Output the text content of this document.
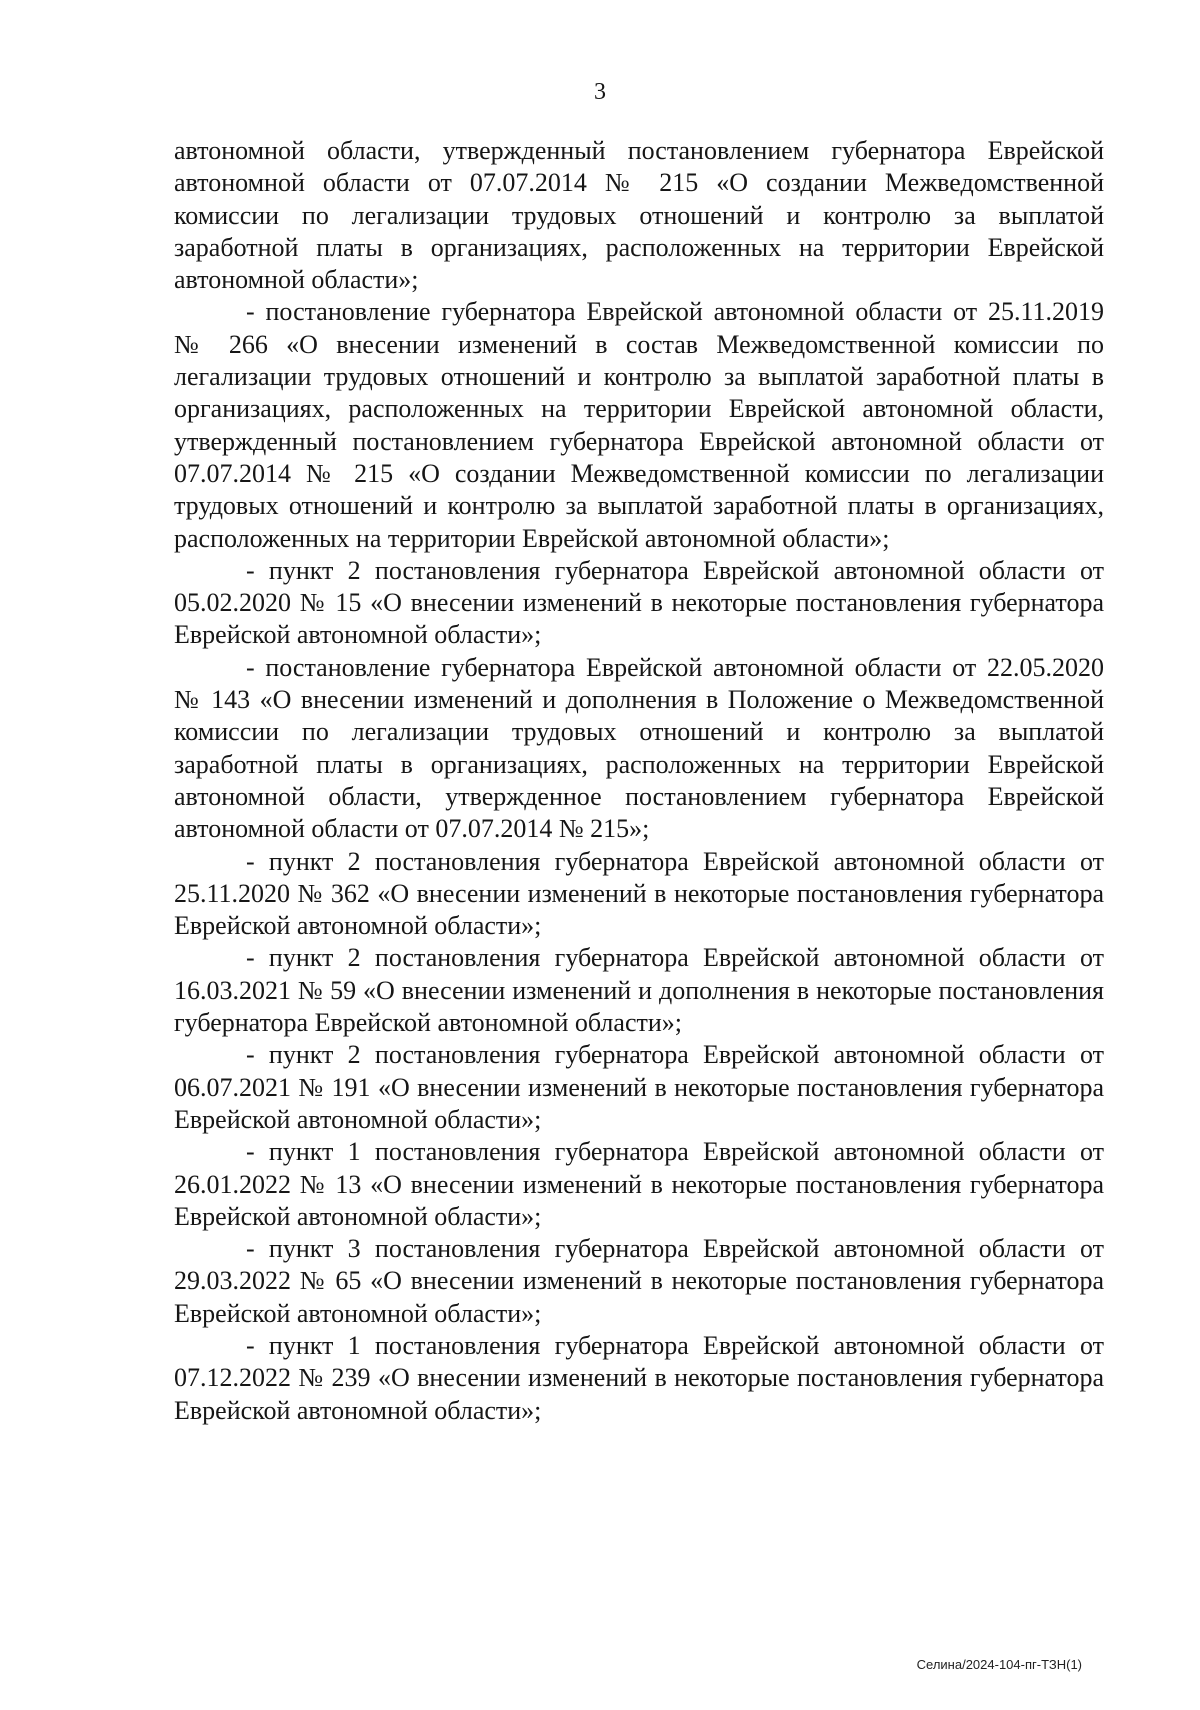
3

автономной области, утвержденный постановлением губернатора Еврейской автономной области от 07.07.2014 № 215 «О создании Межведомственной комиссии по легализации трудовых отношений и контролю за выплатой заработной платы в организациях, расположенных на территории Еврейской автономной области»;

- постановление губернатора Еврейской автономной области от 25.11.2019 № 266 «О внесении изменений в состав Межведомственной комиссии по легализации трудовых отношений и контролю за выплатой заработной платы в организациях, расположенных на территории Еврейской автономной области, утвержденный постановлением губернатора Еврейской автономной области от 07.07.2014 № 215 «О создании Межведомственной комиссии по легализации трудовых отношений и контролю за выплатой заработной платы в организациях, расположенных на территории Еврейской автономной области»;

- пункт 2 постановления губернатора Еврейской автономной области от 05.02.2020 № 15 «О внесении изменений в некоторые постановления губернатора Еврейской автономной области»;

- постановление губернатора Еврейской автономной области от 22.05.2020 № 143 «О внесении изменений и дополнения в Положение о Межведомственной комиссии по легализации трудовых отношений и контролю за выплатой заработной платы в организациях, расположенных на территории Еврейской автономной области, утвержденное постановлением губернатора Еврейской автономной области от 07.07.2014 № 215»;

- пункт 2 постановления губернатора Еврейской автономной области от 25.11.2020 № 362 «О внесении изменений в некоторые постановления губернатора Еврейской автономной области»;

- пункт 2 постановления губернатора Еврейской автономной области от 16.03.2021 № 59 «О внесении изменений и дополнения в некоторые постановления губернатора Еврейской автономной области»;

- пункт 2 постановления губернатора Еврейской автономной области от 06.07.2021 № 191 «О внесении изменений в некоторые постановления губернатора Еврейской автономной области»;

- пункт 1 постановления губернатора Еврейской автономной области от 26.01.2022 № 13 «О внесении изменений в некоторые постановления губернатора Еврейской автономной области»;

- пункт 3 постановления губернатора Еврейской автономной области от 29.03.2022 № 65 «О внесении изменений в некоторые постановления губернатора Еврейской автономной области»;

- пункт 1 постановления губернатора Еврейской автономной области от 07.12.2022 № 239 «О внесении изменений в некоторые постановления губернатора Еврейской автономной области»;

Селина/2024-104-пг-ТЗН(1)
